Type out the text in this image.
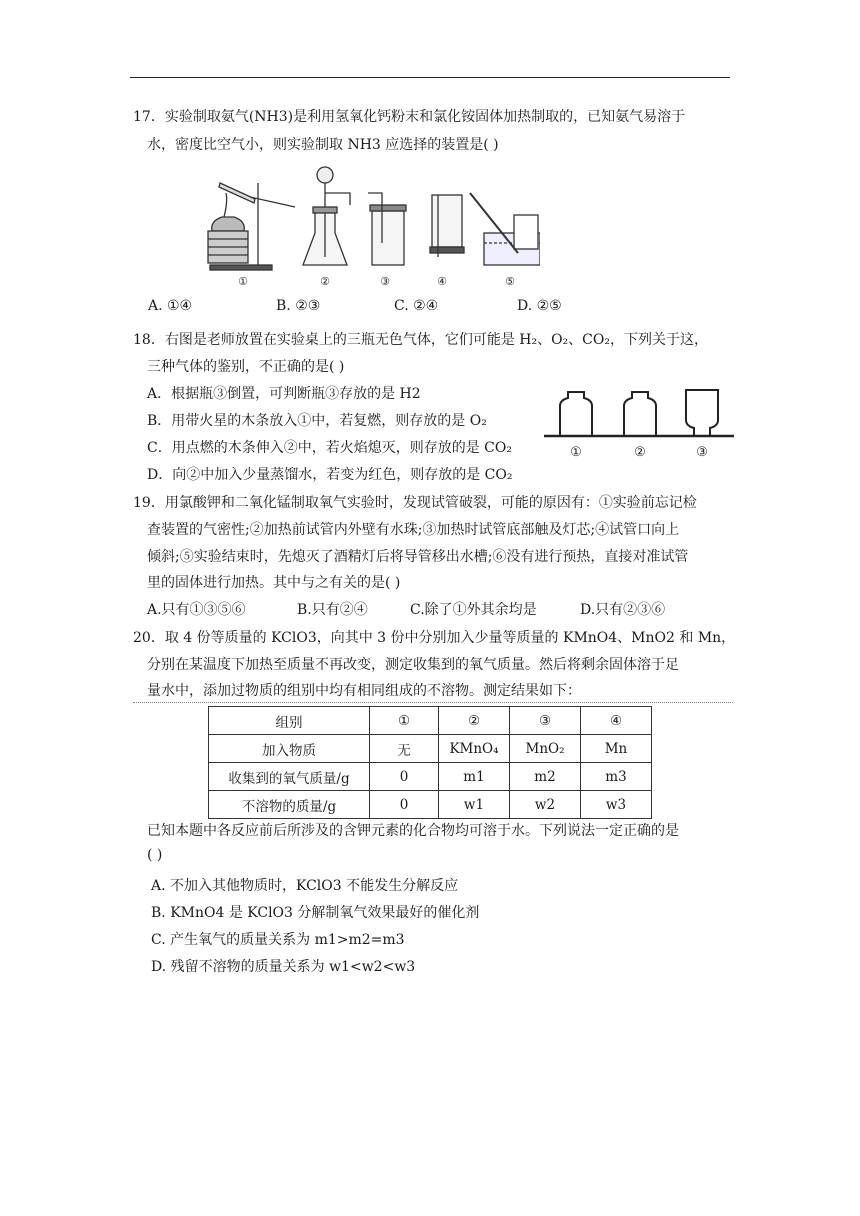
17．实验制取氨气(NH3)是利用氢氧化钙粉末和氯化铵固体加热制取的，已知氨气易溶于
水，密度比空气小，则实验制取 NH3 应选择的装置是( )
①	②	③	④	⑤
A. ①④	B. ②③	C. ②④	D. ②⑤
18．右图是老师放置在实验桌上的三瓶无色气体，它们可能是 H₂、O₂、CO₂，下列关于这，
三种气体的鉴别，不正确的是( )
A．根据瓶③倒置，可判断瓶③存放的是 H2
B．用带火星的木条放入①中，若复燃，则存放的是 O₂
C．用点燃的木条伸入②中，若火焰熄灭，则存放的是 CO₂
D．向②中加入少量蒸馏水，若变为红色，则存放的是 CO₂
①	②	③
19．用氯酸钾和二氧化锰制取氧气实验时，发现试管破裂，可能的原因有：①实验前忘记检
查装置的气密性;②加热前试管内外壁有水珠;③加热时试管底部触及灯芯;④试管口向上
倾斜;⑤实验结束时，先熄灭了酒精灯后将导管移出水槽;⑥没有进行预热，直接对准试管
里的固体进行加热。其中与之有关的是( )
A.只有①③⑤⑥	B.只有②④	C.除了①外其余均是	D.只有②③⑥
20．取 4 份等质量的 KClO3，向其中 3 份中分别加入少量等质量的 KMnO4、MnO2 和 Mn，
分别在某温度下加热至质量不再改变，测定收集到的氧气质量。然后将剩余固体溶于足
量水中，添加过物质的组别中均有相同组成的不溶物。测定结果如下：
组别	①	②	③	④
加入物质	无	KMnO₄	MnO₂	Mn
收集到的氧气质量/g	0	m1	m2	m3
不溶物的质量/g	0	w1	w2	w3
已知本题中各反应前后所涉及的含钾元素的化合物均可溶于水。下列说法一定正确的是
( )
A. 不加入其他物质时，KClO3 不能发生分解反应
B. KMnO4 是 KClO3 分解制氧气效果最好的催化剂
C. 产生氧气的质量关系为 m1>m2=m3
D. 残留不溶物的质量关系为 w1<w2<w3
